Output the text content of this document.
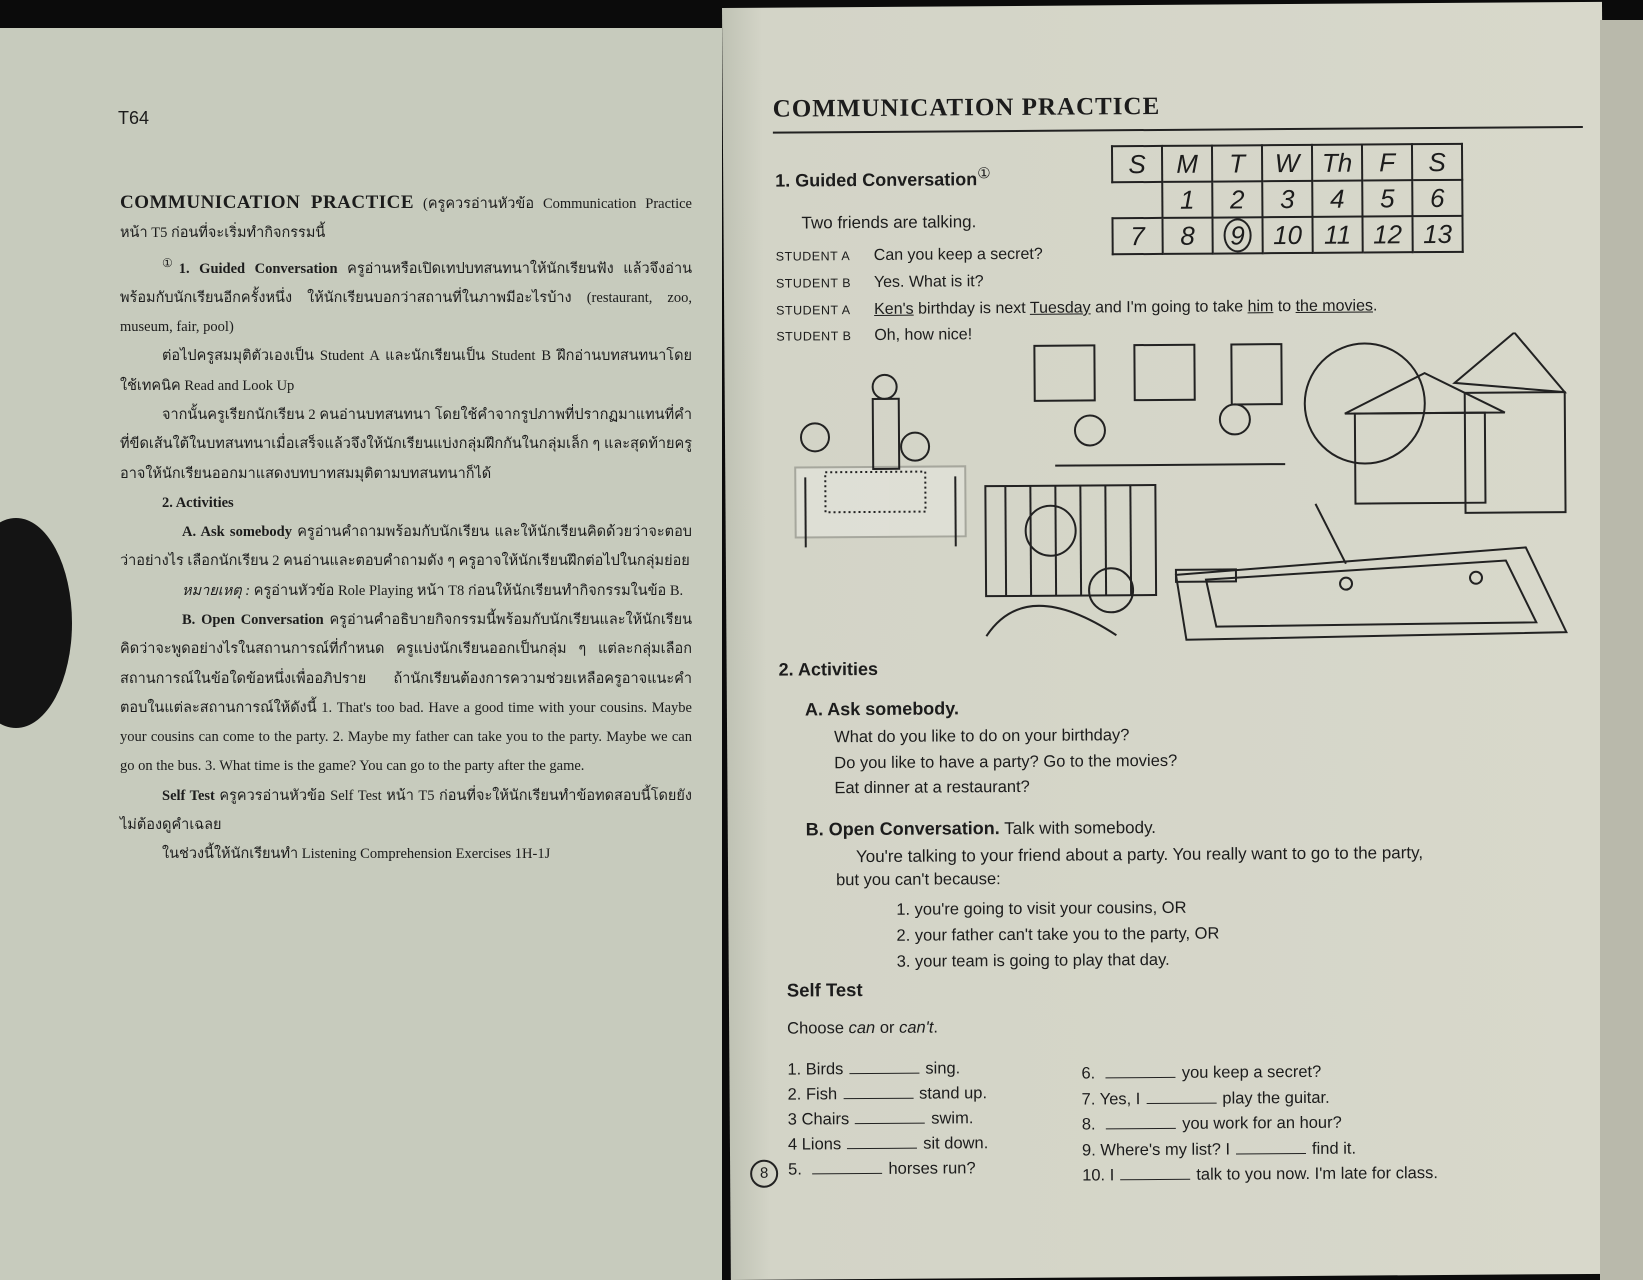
T64

COMMUNICATION PRACTICE (ครูควรอ่านหัวข้อ Communication Practice หน้า T5 ก่อนที่จะเริ่มทำกิจกรรมนี้

①1. Guided Conversation ครูอ่านหรือเปิดเทปบทสนทนาให้นักเรียนฟัง แล้วจึงอ่านพร้อมกับนักเรียนอีกครั้งหนึ่ง ให้นักเรียนบอกว่าสถานที่ในภาพมีอะไรบ้าง (restaurant, zoo, museum, fair, pool)

ต่อไปครูสมมุติตัวเองเป็น Student A และนักเรียนเป็น Student B ฝึกอ่านบทสนทนาโดยใช้เทคนิค Read and Look Up

จากนั้นครูเรียกนักเรียน 2 คนอ่านบทสนทนา โดยใช้คำจากรูปภาพที่ปรากฏมาแทนที่คำที่ขีดเส้นใต้ในบทสนทนาเมื่อเสร็จแล้วจึงให้นักเรียนแบ่งกลุ่มฝึกกันในกลุ่มเล็ก ๆ และสุดท้ายครูอาจให้นักเรียนออกมาแสดงบทบาทสมมุติตามบทสนทนาก็ได้

2. Activities

A. Ask somebody ครูอ่านคำถามพร้อมกับนักเรียน และให้นักเรียนคิดด้วยว่าจะตอบว่าอย่างไร เลือกนักเรียน 2 คนอ่านและตอบคำถามดัง ๆ ครูอาจให้นักเรียนฝึกต่อไปในกลุ่มย่อย

หมายเหตุ : ครูอ่านหัวข้อ Role Playing หน้า T8 ก่อนให้นักเรียนทำกิจกรรมในข้อ B.

B. Open Conversation ครูอ่านคำอธิบายกิจกรรมนี้พร้อมกับนักเรียนและให้นักเรียนคิดว่าจะพูดอย่างไรในสถานการณ์ที่กำหนด ครูแบ่งนักเรียนออกเป็นกลุ่ม ๆ แต่ละกลุ่มเลือกสถานการณ์ในข้อใดข้อหนึ่งเพื่ออภิปราย ถ้านักเรียนต้องการความช่วยเหลือครูอาจแนะคำตอบในแต่ละสถานการณ์ให้ดังนี้ 1. That's too bad. Have a good time with your cousins. Maybe your cousins can come to the party. 2. Maybe my father can take you to the party. Maybe we can go on the bus. 3. What time is the game? You can go to the party after the game.

Self Test ครูควรอ่านหัวข้อ Self Test หน้า T5 ก่อนที่จะให้นักเรียนทำข้อทดสอบนี้โดยยังไม่ต้องดูคำเฉลย

ในช่วงนี้ให้นักเรียนทำ Listening Comprehension Exercises 1H-1J

COMMUNICATION PRACTICE
1. Guided Conversation①	S	M	T	W	Th	F	S
	1	2	3	4	5	6
7	8	9	10	11	12	13
Two friends are talking.
STUDENT A Can you keep a secret?
STUDENT B Yes. What is it?
STUDENT A Ken's birthday is next Tuesday and I'm going to take him to the movies.
STUDENT B Oh, how nice!
2. Activities
A. Ask somebody.
What do you like to do on your birthday?
Do you like to have a party? Go to the movies?
Eat dinner at a restaurant?
B. Open Conversation. Talk with somebody.
You're talking to your friend about a party. You really want to go to the party,
but you can't because:
1. you're going to visit your cousins, OR
2. your father can't take you to the party, OR
3. your team is going to play that day.
Self Test
Choose can or can't.
1. Birds	sing.
2. Fish	stand up.
3 Chairs	swim.
4 Lions	sit down.
5.	horses run?
6.	you keep a secret?
7. Yes, I	play the guitar.
8.	you work for an hour?
9. Where's my list? I	find it.
10. I	talk to you now. I'm late for class.
8
